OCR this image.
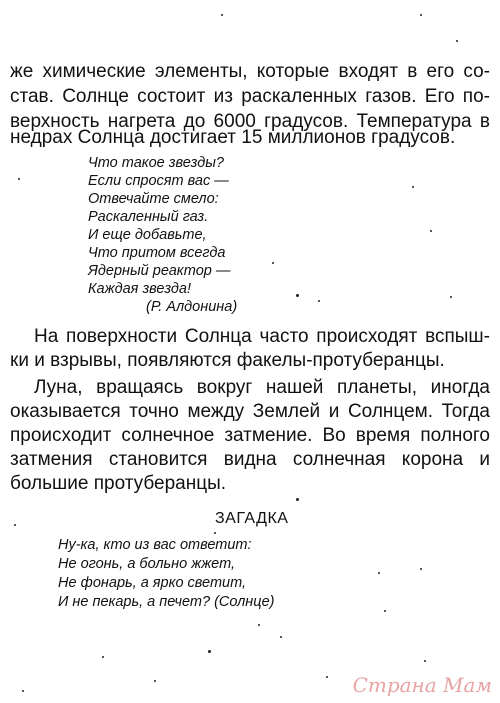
же химические элементы, которые входят в его со-
став. Солнце состоит из раскаленных газов. Его по-
верхность нагрета до 6000 градусов. Температура в
недрах Солнца достигает 15 миллионов градусов.
Что такое звезды?
Если спросят вас —
Отвечайте смело:
Раскаленный газ.
И еще добавьте,
Что притом всегда
Ядерный реактор —
Каждая звезда!
(Р. Алдонина)
На поверхности Солнца часто происходят вспыш-
ки и взрывы, появляются факелы-протуберанцы.
Луна, вращаясь вокруг нашей планеты, иногда
оказывается точно между Землей и Солнцем. Тогда
происходит солнечное затмение. Во время полного
затмения становится видна солнечная корона и
большие протуберанцы.
ЗАГАДКА
Ну-ка, кто из вас ответит:
Не огонь, а больно жжет,
Не фонарь, а ярко светит,
И не пекарь, а печет? (Солнце)
Страна Мам
